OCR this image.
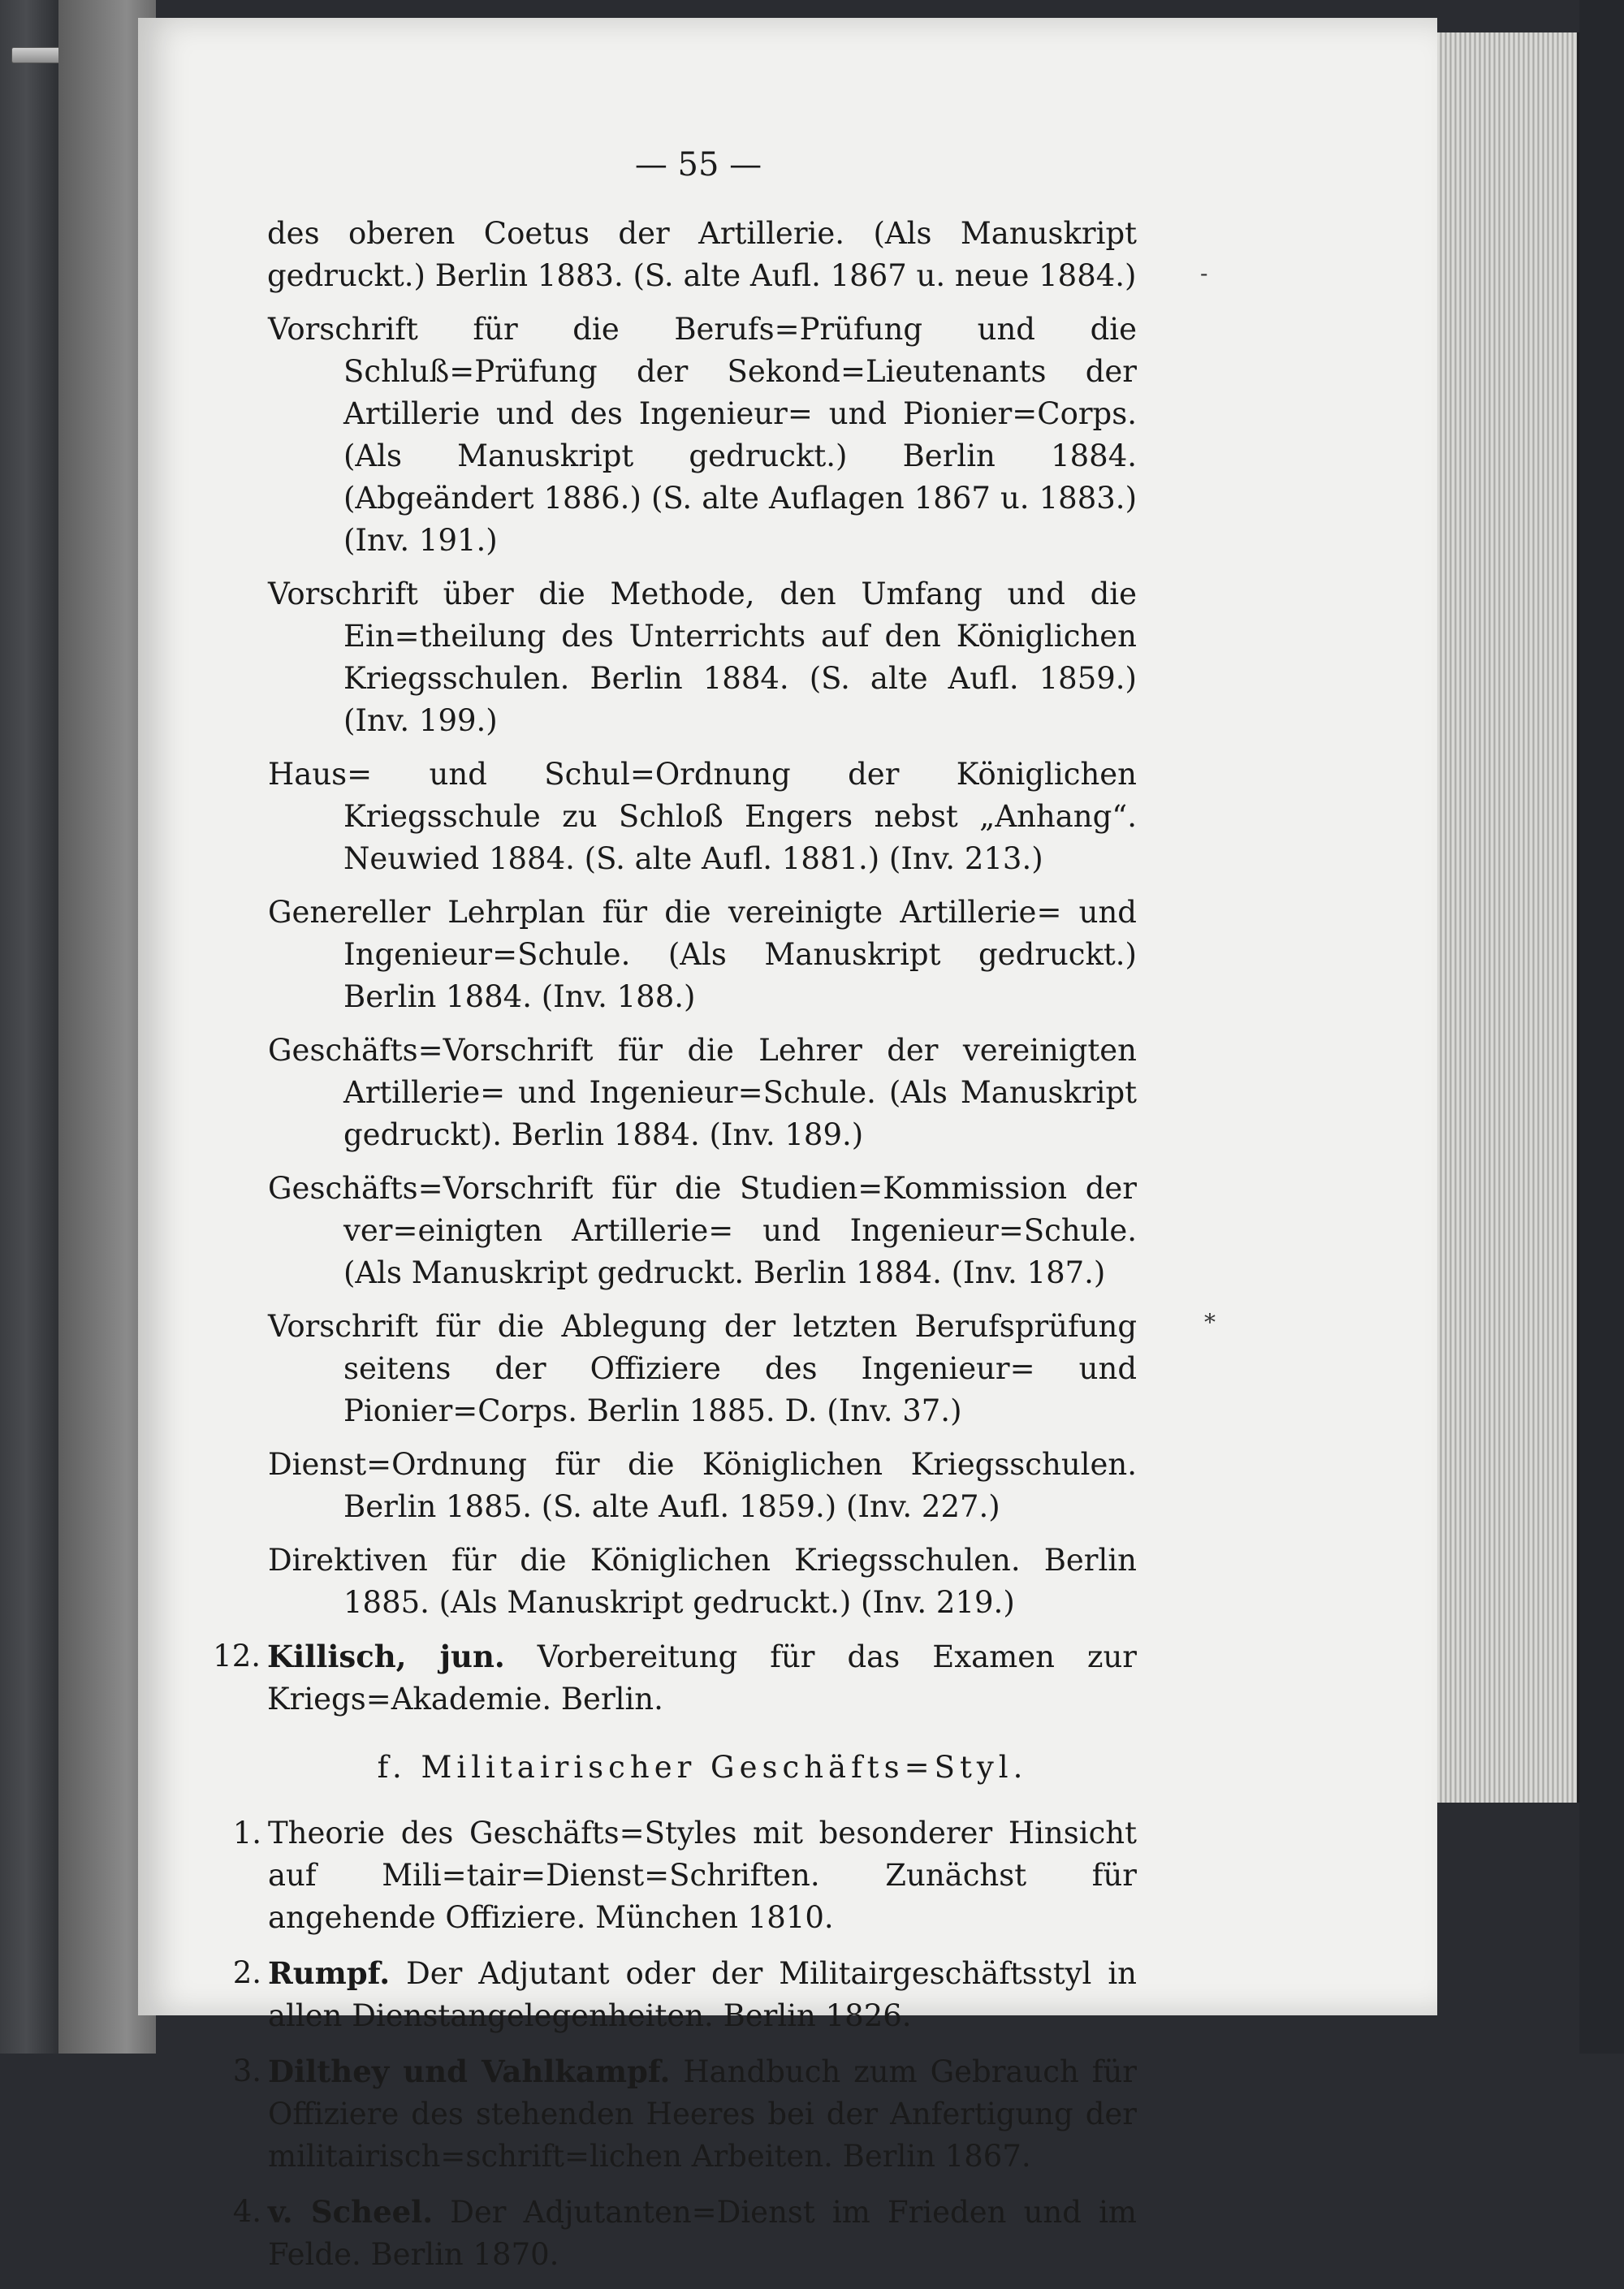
— 55 —

des oberen Coetus der Artillerie. (Als Manuskript gedruckt.) Berlin 1883. (S. alte Aufl. 1867 u. neue 1884.)

Vorschrift für die Berufs=Prüfung und die Schluß=Prüfung der Sekond=Lieutenants der Artillerie und des Ingenieur= und Pionier=Corps. (Als Manuskript gedruckt.) Berlin 1884. (Abgeändert 1886.) (S. alte Auflagen 1867 u. 1883.) (Inv. 191.)

Vorschrift über die Methode, den Umfang und die Ein=theilung des Unterrichts auf den Königlichen Kriegsschulen. Berlin 1884. (S. alte Aufl. 1859.) (Inv. 199.)

Haus= und Schul=Ordnung der Königlichen Kriegsschule zu Schloß Engers nebst „Anhang“. Neuwied 1884. (S. alte Aufl. 1881.) (Inv. 213.)

Genereller Lehrplan für die vereinigte Artillerie= und Ingenieur=Schule. (Als Manuskript gedruckt.) Berlin 1884. (Inv. 188.)

Geschäfts=Vorschrift für die Lehrer der vereinigten Artillerie= und Ingenieur=Schule. (Als Manuskript gedruckt). Berlin 1884. (Inv. 189.)

Geschäfts=Vorschrift für die Studien=Kommission der ver=einigten Artillerie= und Ingenieur=Schule. (Als Manuskript gedruckt. Berlin 1884. (Inv. 187.)

Vorschrift für die Ablegung der letzten Berufsprüfung seitens der Offiziere des Ingenieur= und Pionier=Corps. Berlin 1885. D. (Inv. 37.)

Dienst=Ordnung für die Königlichen Kriegsschulen. Berlin 1885. (S. alte Aufl. 1859.) (Inv. 227.)

Direktiven für die Königlichen Kriegsschulen. Berlin 1885. (Als Manuskript gedruckt.) (Inv. 219.)

12. Killisch, jun. Vorbereitung für das Examen zur Kriegs=Akademie. Berlin.
f. Militairischer Geschäfts=Styl.
1. Theorie des Geschäfts=Styles mit besonderer Hinsicht auf Mili=tair=Dienst=Schriften. Zunächst für angehende Offiziere. München 1810.
2. Rumpf. Der Adjutant oder der Militairgeschäftsstyl in allen Dienstangelegenheiten. Berlin 1826.
3. Dilthey und Vahlkampf. Handbuch zum Gebrauch für Offiziere des stehenden Heeres bei der Anfertigung der militairisch=schrift=lichen Arbeiten. Berlin 1867.
4. v. Scheel. Der Adjutanten=Dienst im Frieden und im Felde. Berlin 1870.
-
*
